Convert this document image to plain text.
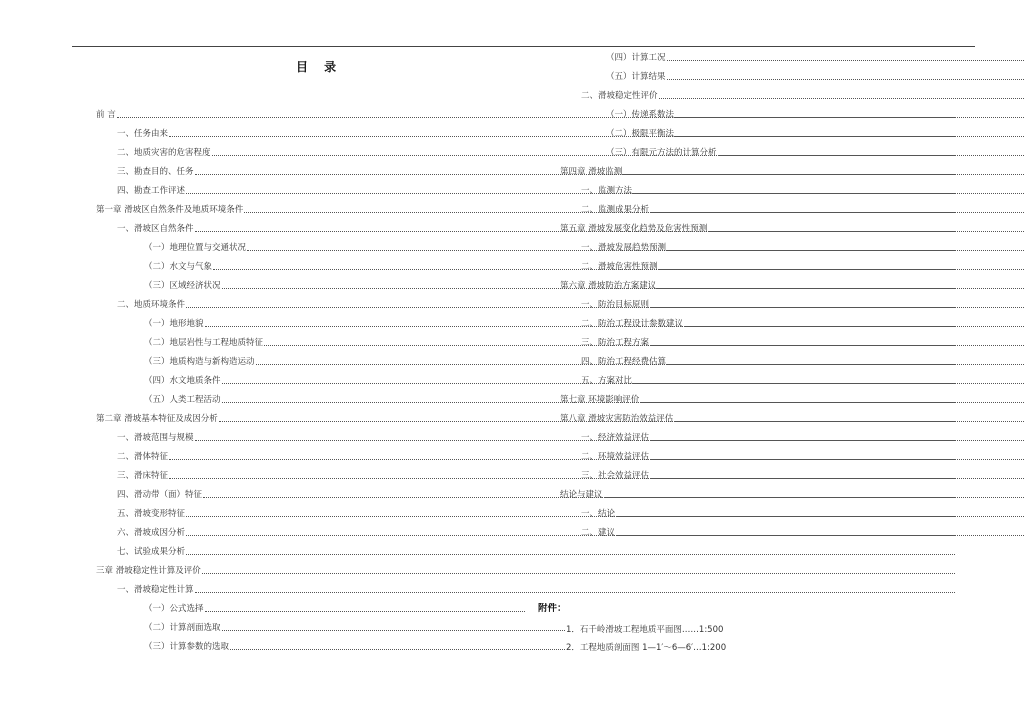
目 录
前 言
一、任务由来
二、地质灾害的危害程度
三、勘查目的、任务
四、勘查工作评述
第一章 滑坡区自然条件及地质环境条件
一、滑坡区自然条件
（一）地理位置与交通状况
（二）水文与气象
（三）区域经济状况
二、地质环境条件
（一）地形地貌
（二）地层岩性与工程地质特征
（三）地质构造与新构造运动
（四）水文地质条件
（五）人类工程活动
第二章 滑坡基本特征及成因分析
一、滑坡范围与规模
二、滑体特征
三、滑床特征
四、滑动带（面）特征
五、滑坡变形特征
六、滑坡成因分析
七、试验成果分析
三章 滑坡稳定性计算及评价
一、滑坡稳定性计算
（一）公式选择
（二）计算剖面选取
（三）计算参数的选取
（四）计算工况
（五）计算结果
二、滑坡稳定性评价
（一）传递系数法
（二）极限平衡法
（三）有限元方法的计算分析
第四章 滑坡监测
一、监测方法
二、监测成果分析
第五章 滑坡发展变化趋势及危害性预测
一、滑坡发展趋势预测
二、滑坡危害性预测
第六章 滑坡防治方案建议
一、防治目标原则
二、防治工程设计参数建议
三、防治工程方案
四、防治工程经费估算
五、方案对比
第七章 环境影响评价
第八章 滑坡灾害防治效益评估
一、经济效益评估
二、环境效益评估
三、社会效益评估
结论与建议
一、结论
二、建议
附件：
1．石千岭滑坡工程地质平面图……1:500
2．工程地质剖面图 1—1′～6—6′…1:200
